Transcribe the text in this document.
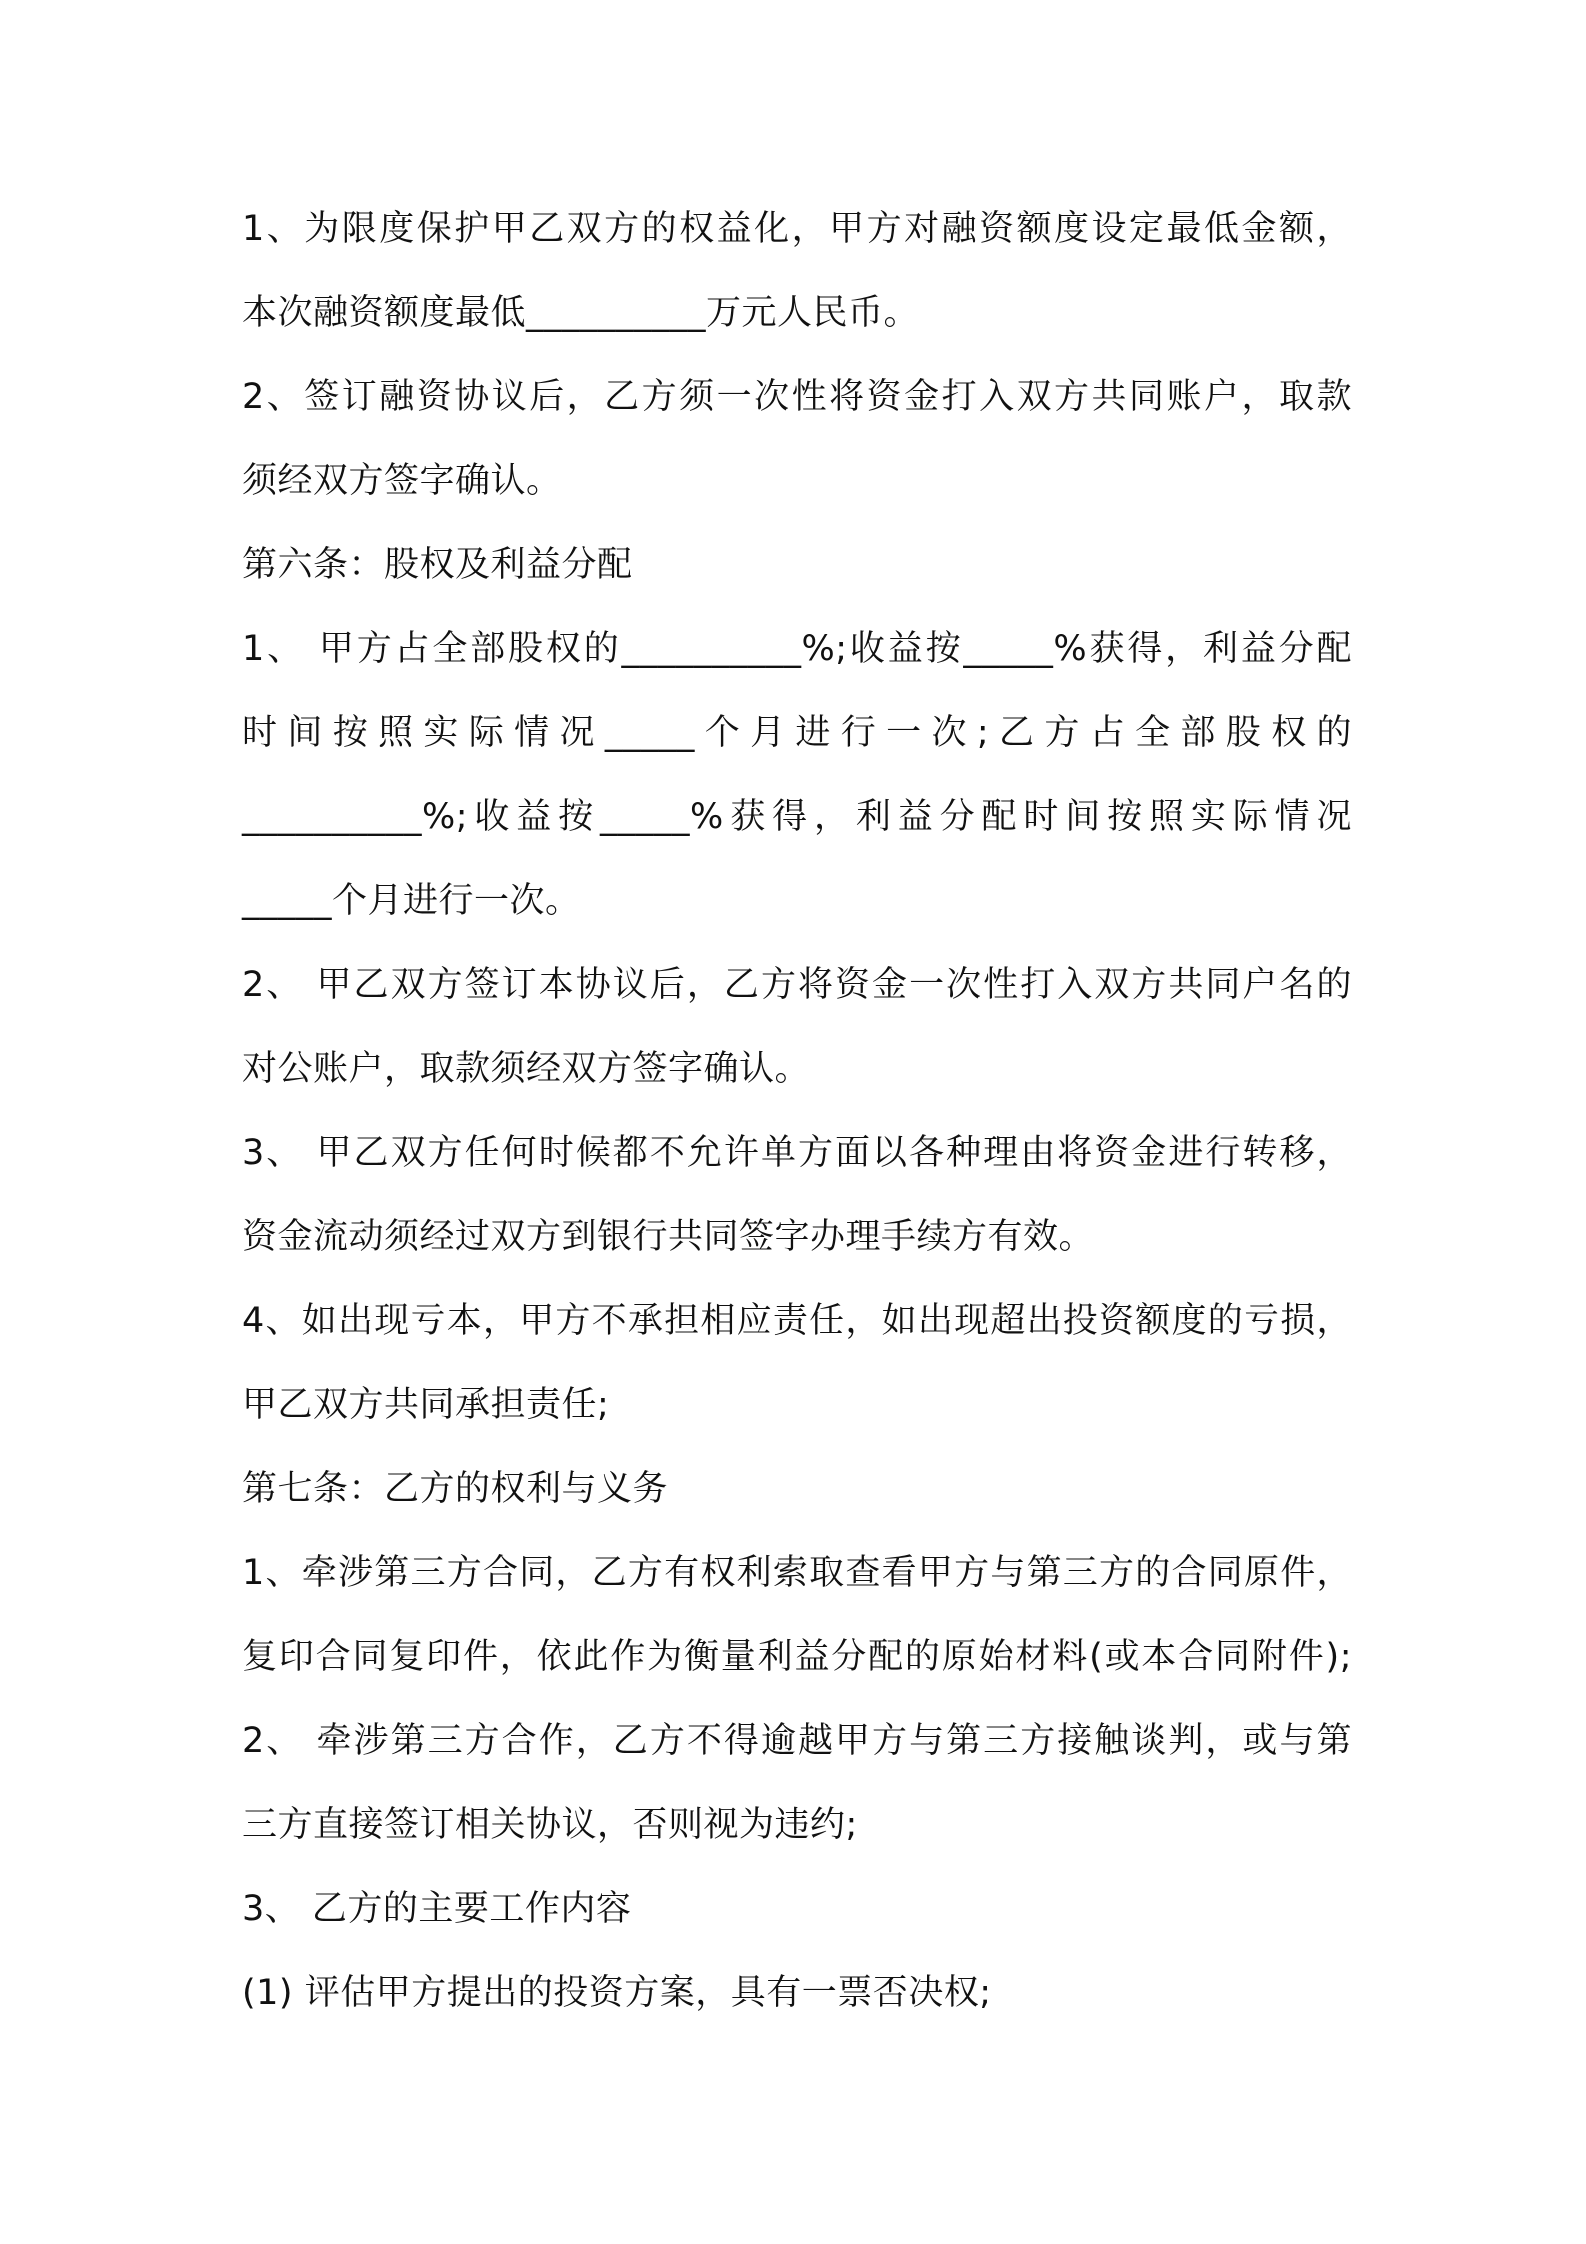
1、为限度保护甲乙双方的权益化，甲方对融资额度设定最低金额，
本次融资额度最低__________万元人民币。
2、签订融资协议后，乙方须一次性将资金打入双方共同账户，取款
须经双方签字确认。
第六条：股权及利益分配
1、 甲方占全部股权的__________%;收益按_____%获得，利益分配
时间按照实际情况_____个月进行一次;乙方占全部股权的
__________%;收益按_____%获得，利益分配时间按照实际情况
_____个月进行一次。
2、 甲乙双方签订本协议后，乙方将资金一次性打入双方共同户名的
对公账户，取款须经双方签字确认。
3、 甲乙双方任何时候都不允许单方面以各种理由将资金进行转移，
资金流动须经过双方到银行共同签字办理手续方有效。
4、如出现亏本，甲方不承担相应责任，如出现超出投资额度的亏损，
甲乙双方共同承担责任;
第七条：乙方的权利与义务
1、牵涉第三方合同，乙方有权利索取查看甲方与第三方的合同原件，
复印合同复印件，依此作为衡量利益分配的原始材料(或本合同附件);
2、 牵涉第三方合作，乙方不得逾越甲方与第三方接触谈判，或与第
三方直接签订相关协议，否则视为违约;
3、 乙方的主要工作内容
(1) 评估甲方提出的投资方案，具有一票否决权;
